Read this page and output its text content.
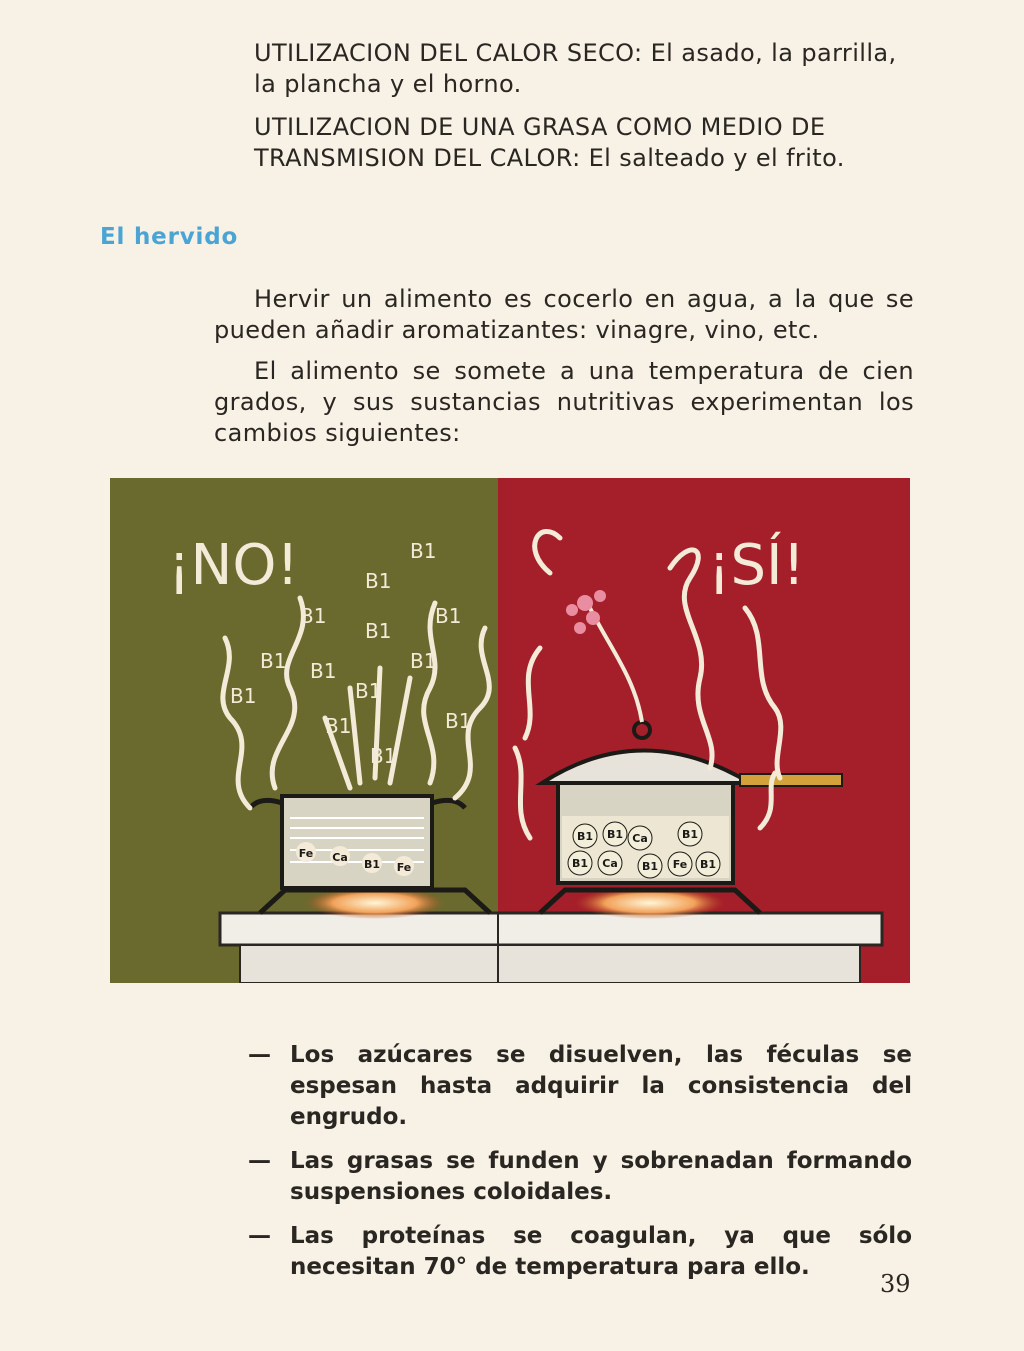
UTILIZACION DEL CALOR SECO: El asado, la parrilla, la plancha y el horno.

UTILIZACION DE UNA GRASA COMO MEDIO DE TRANSMISION DEL CALOR: El salteado y el frito.

El hervido

Hervir un alimento es cocerlo en agua, a la que se pueden añadir aromatizantes: vinagre, vino, etc.

El alimento se somete a una temperatura de cien grados, y sus sustancias nutritivas experimentan los cambios siguientes:

Fe Ca
B1 Fe
B1
B1 B1
B1
B1
B1
B1
B1
B1
B1
B1
B1
B1
¡NO!
B1 B1 Ca	B1
B1 Ca B1 Fe B1
¡SÍ!
— Los azúcares se disuelven, las féculas se espesan hasta adquirir la consistencia del engrudo.
— Las grasas se funden y sobrenadan formando suspensiones coloidales.
— Las proteínas se coagulan, ya que sólo necesitan 70° de temperatura para ello.
39
